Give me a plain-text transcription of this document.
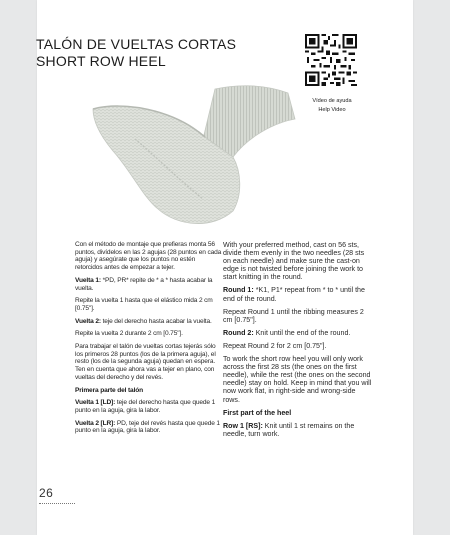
TALÓN DE VUELTAS CORTAS
SHORT ROW HEEL
Vídeo de ayuda
Help Video

Con el método de montaje que prefieras monta 56 puntos, divídelos en las 2 agujas (28 puntos en cada aguja) y asegúrate que los puntos no estén retorcidos antes de empezar a tejer.

Vuelta 1: *PD, PR* repite de * a * hasta acabar la vuelta.

Repite la vuelta 1 hasta que el elástico mida 2 cm [0.75"].

Vuelta 2: teje del derecho hasta acabar la vuelta.

Repite la vuelta 2 durante 2 cm [0.75"].

Para trabajar el talón de vueltas cortas tejerás sólo los primeros 28 puntos (los de la primera aguja), el resto (los de la segunda aguja) quedan en espera. Ten en cuenta que ahora vas a tejer en plano, con vueltas del derecho y del revés.

Primera parte del talón

Vuelta 1 [LD]: teje del derecho hasta que quede 1 punto en la aguja, gira la labor.

Vuelta 2 [LR]: PD, teje del revés hasta que quede 1 punto en la aguja, gira la labor.

With your preferred method, cast on 56 sts, divide them evenly in the two needles (28 sts on each needle) and make sure the cast-on edge is not twisted before joining the work to start knitting in the round.

Round 1: *K1, P1* repeat from * to * until the end of the round.

Repeat Round 1 until the ribbing measures 2 cm [0.75"].

Round 2: Knit until the end of the round.

Repeat Round 2 for 2 cm [0.75"].

To work the short row heel you will only work across the first 28 sts (the ones on the first needle), while the rest (the ones on the second needle) stay on hold. Keep in mind that you will now work flat, in right-side and wrong-side rows.

First part of the heel

Row 1 [RS]: Knit until 1 st remains on the needle, turn work.

26
